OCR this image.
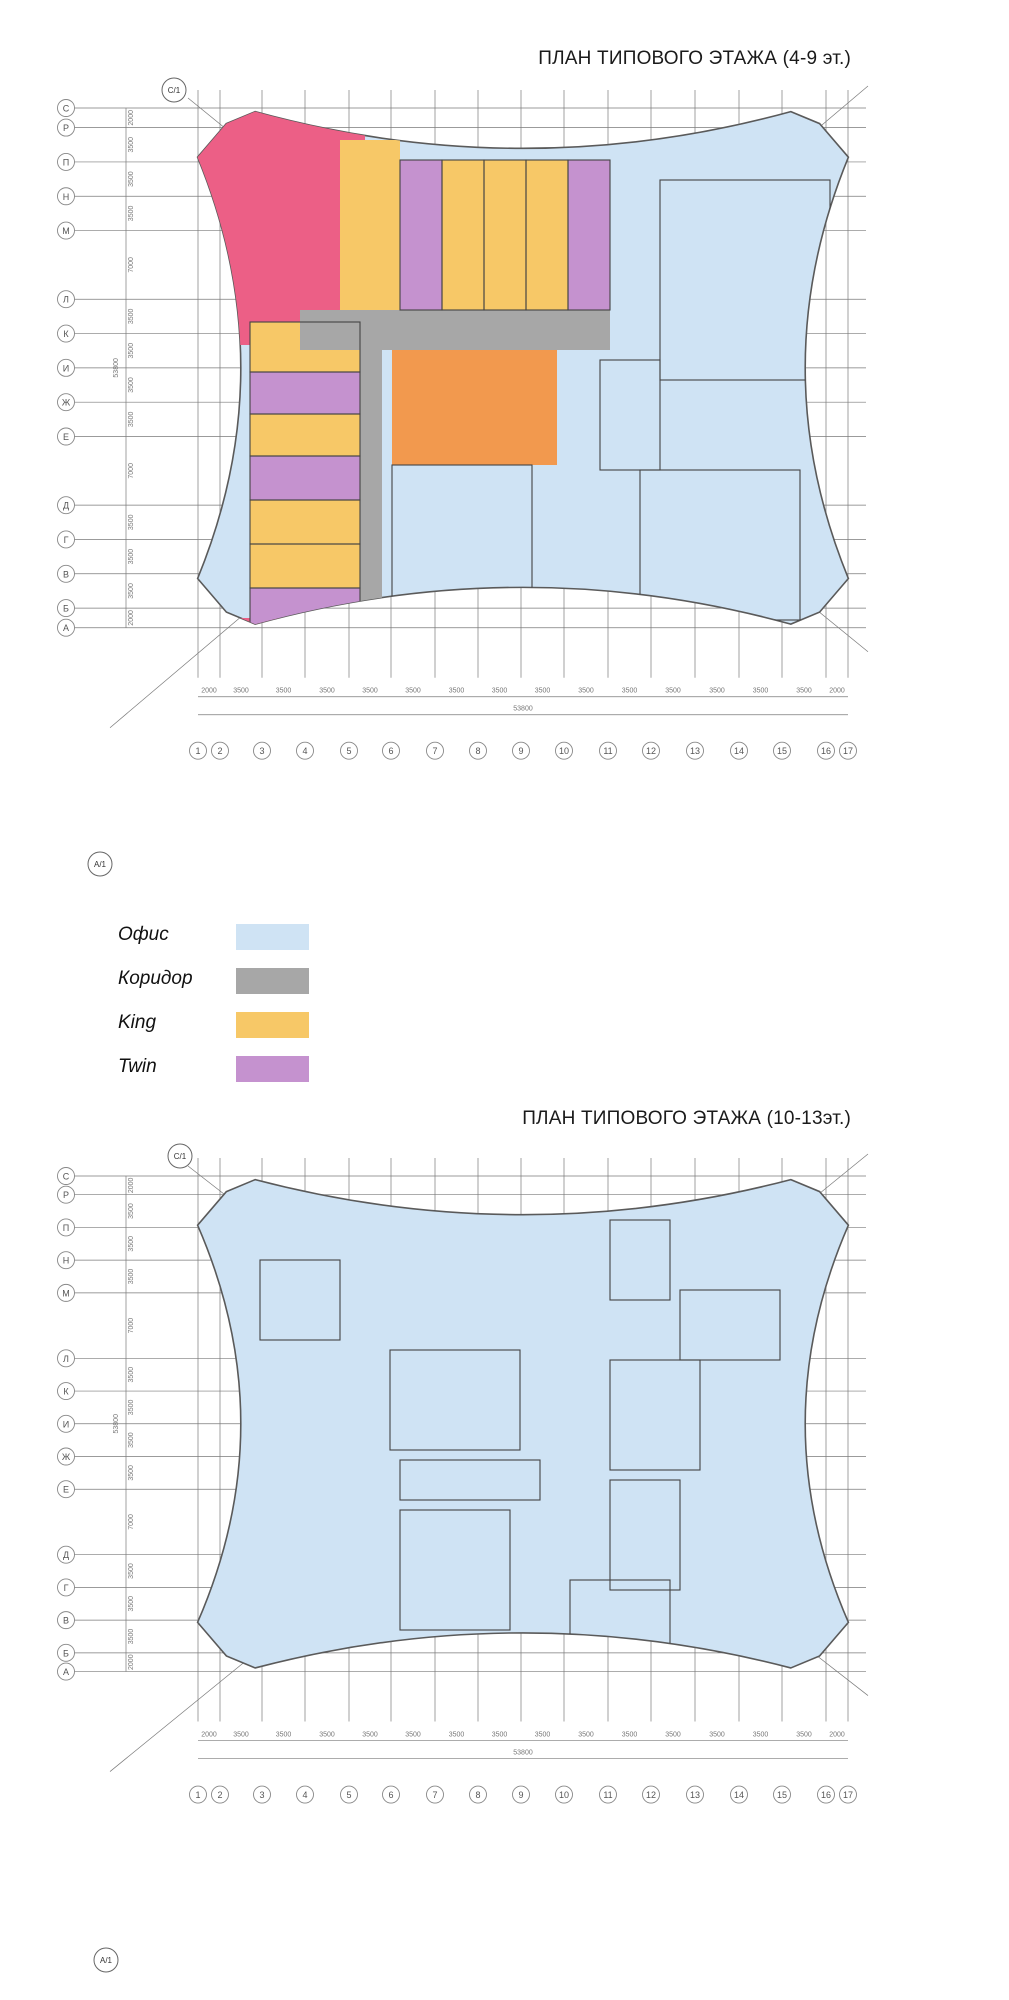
ПЛАН ТИПОВОГО ЭТАЖА (4-9 эт.)
С
Р
П
Н
М
Л
К
И
Ж
Е
Д
Г
В
Б
А
2000
3500
3500
3500
7000
3500
3500
3500
3500
7000
3500
3500
3500
2000
53800
1 2	3	4	5	6	7	8	9	10	11	12	13	14	15	16 17
2000 3500	3500	3500	3500	3500	3500	3500	3500	3500	3500	3500	3500	3500	3500 2000
53800
С/1
А/1
Офис
Коридор
King
Twin
ПЛАН ТИПОВОГО ЭТАЖА (10-13эт.)
С
Р
П
Н
М
Л
К
И
Ж
Е
Д
Г
В
Б
А
2000
3500
3500
3500
7000
3500
3500
3500
3500
7000
3500
3500
3500
2000
53800
1 2	3	4	5	6	7	8	9	10	11	12	13	14	15	16 17
2000 3500	3500	3500	3500	3500	3500	3500	3500	3500	3500	3500	3500	3500	3500 2000
53800
С/1
А/1
